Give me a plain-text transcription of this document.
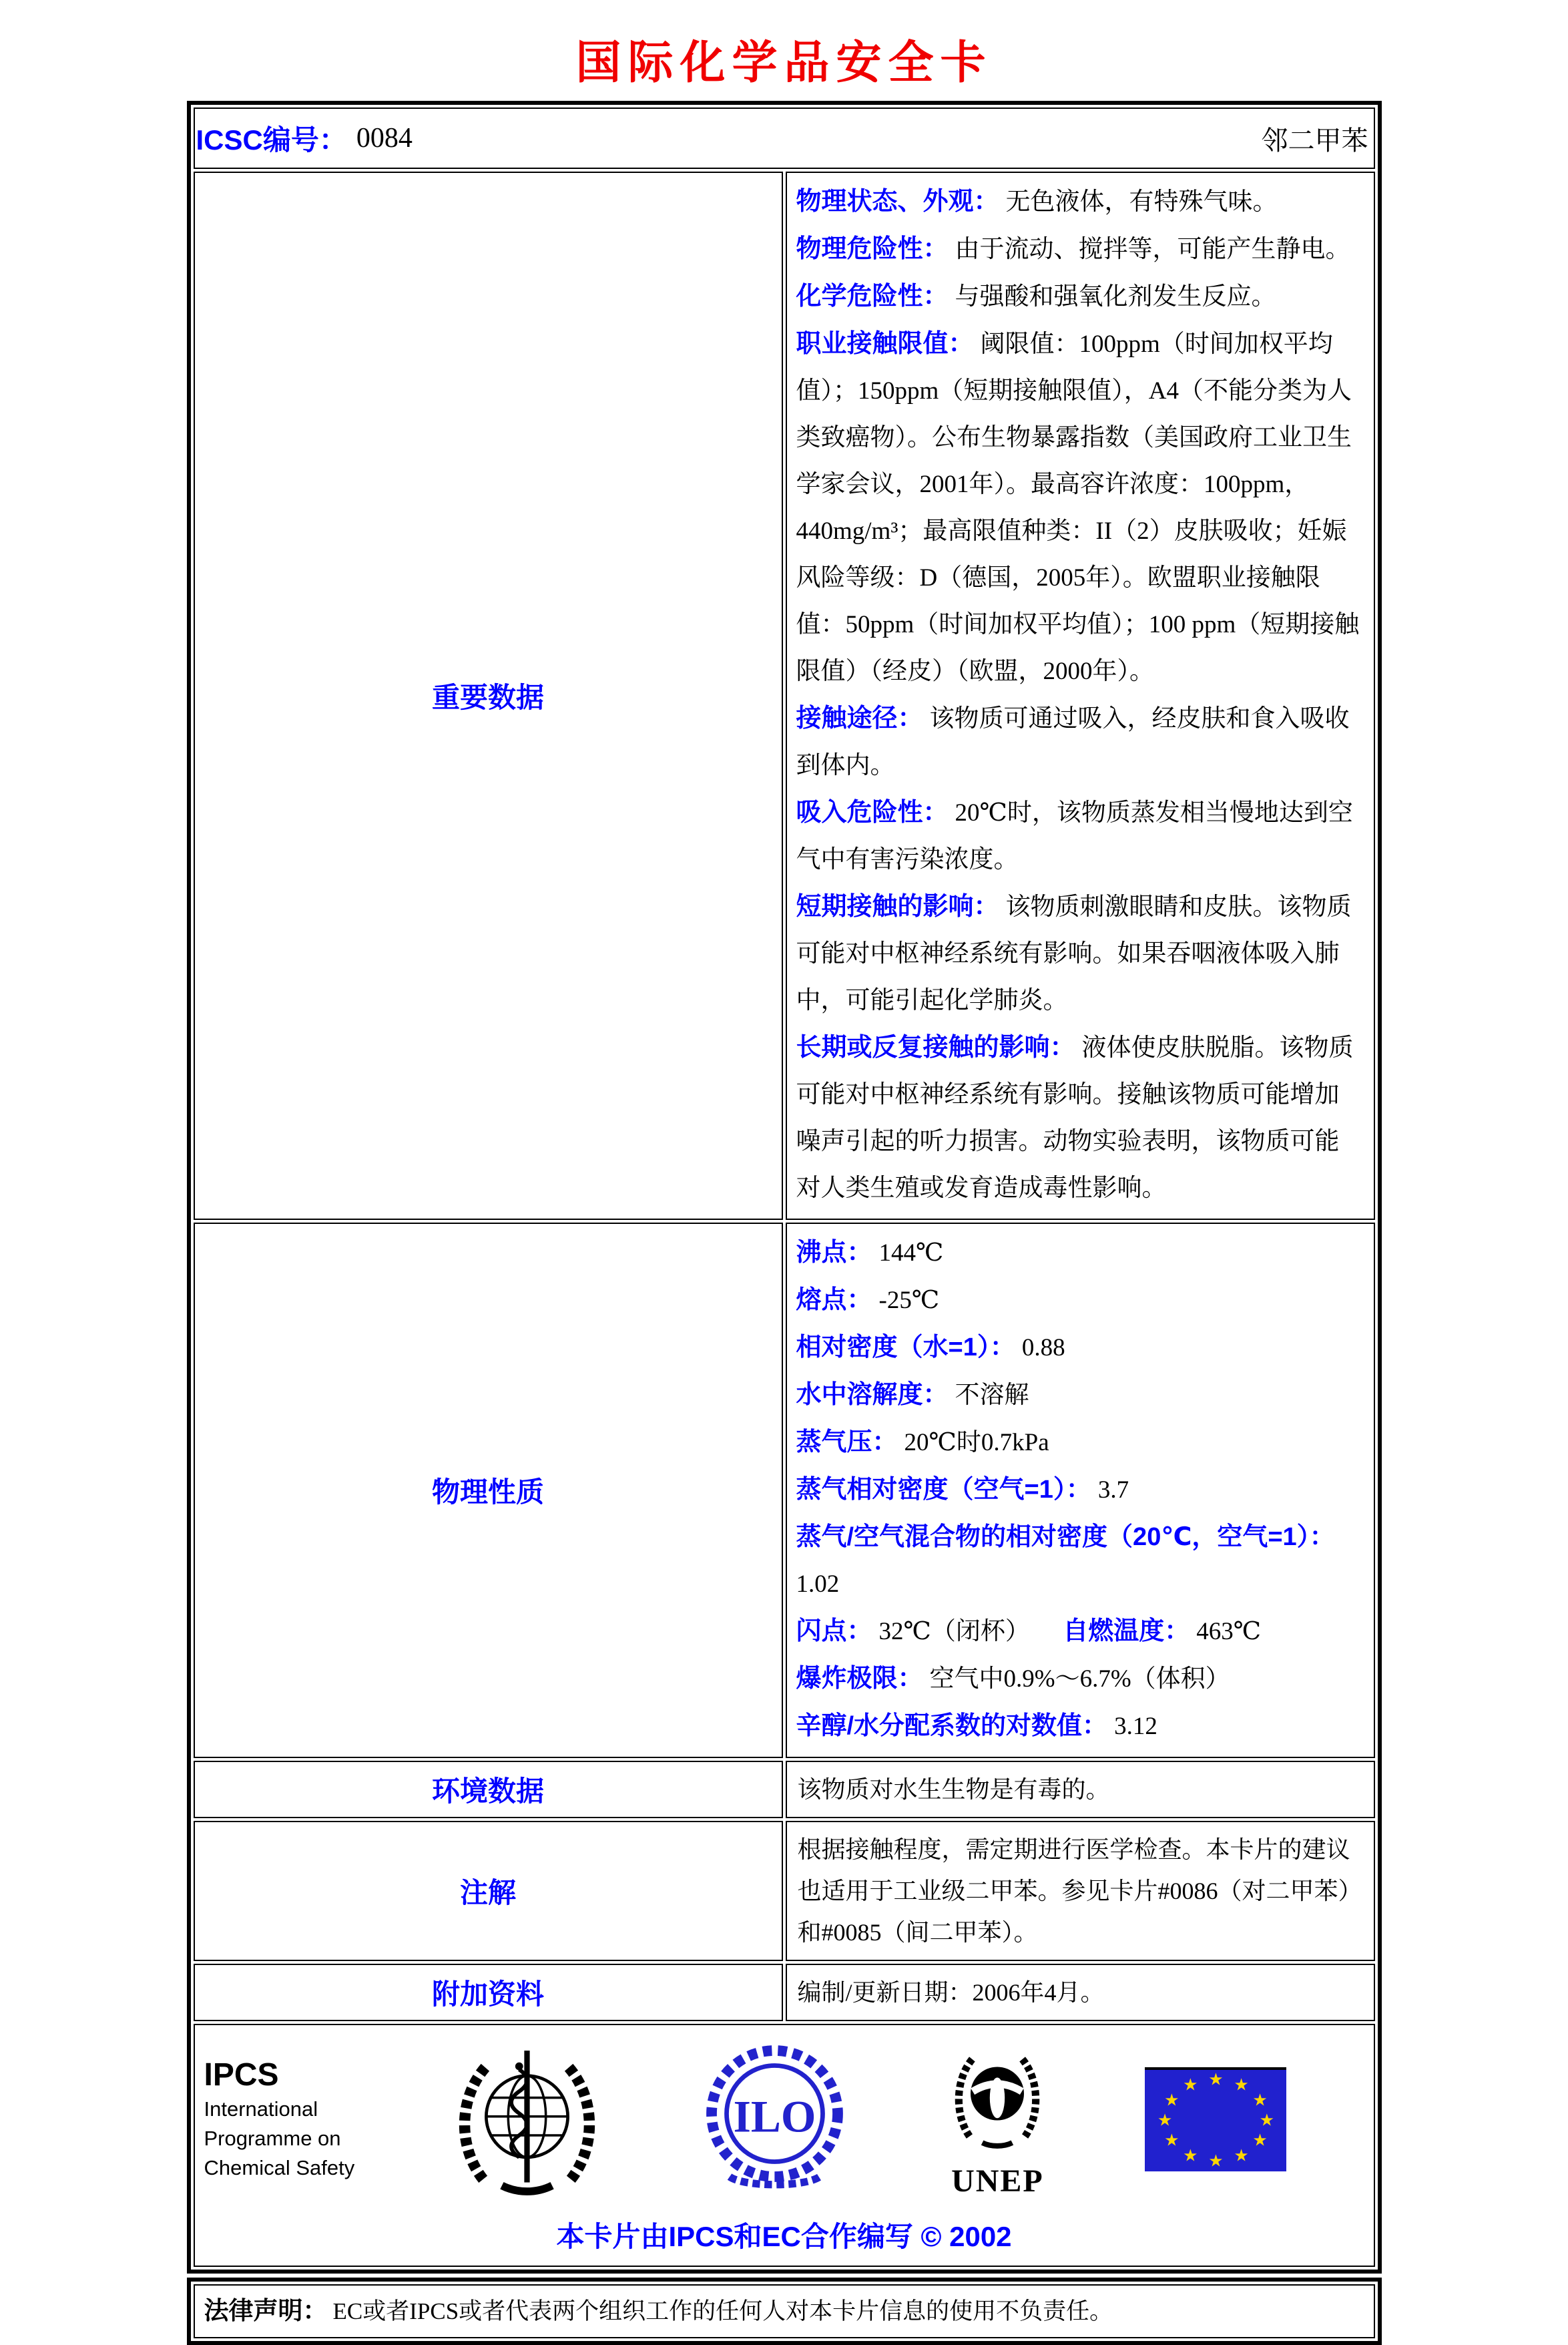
国际化学品安全卡
ICSC编号： 0084 邻二甲苯	

重要数据	
物理状态、外观： 无色液体，有特殊气味。
物理危险性： 由于流动、搅拌等，可能产生静电。
化学危险性： 与强酸和强氧化剂发生反应。
职业接触限值： 阈限值：100ppm（时间加权平均值）；150ppm（短期接触限值），A4（不能分类为人类致癌物）。公布生物暴露指数（美国政府工业卫生学家会议，2001年）。最高容许浓度：100ppm，440mg/m³；最高限值种类：II（2）皮肤吸收；妊娠风险等级：D（德国，2005年）。欧盟职业接触限值：50ppm（时间加权平均值）；100 ppm（短期接触限值）（经皮）（欧盟，2000年）。
接触途径： 该物质可通过吸入，经皮肤和食入吸收到体内。
吸入危险性： 20℃时，该物质蒸发相当慢地达到空气中有害污染浓度。
短期接触的影响： 该物质刺激眼睛和皮肤。该物质可能对中枢神经系统有影响。如果吞咽液体吸入肺中，可能引起化学肺炎。
长期或反复接触的影响： 液体使皮肤脱脂。该物质可能对中枢神经系统有影响。接触该物质可能增加噪声引起的听力损害。动物实验表明，该物质可能对人类生殖或发育造成毒性影响。

物理性质	
沸点： 144℃
熔点： -25℃
相对密度（水=1）： 0.88
水中溶解度： 不溶解
蒸气压： 20℃时0.7kPa
蒸气相对密度（空气=1）： 3.7
蒸气/空气混合物的相对密度（20℃，空气=1）：1.02
闪点： 32℃（闭杯） 自燃温度： 463℃
爆炸极限： 空气中0.9%～6.7%（体积）
辛醇/水分配系数的对数值： 3.12

环境数据	该物质对水生生物是有毒的。
注解	根据接触程度，需定期进行医学检查。本卡片的建议也适用于工业级二甲苯。参见卡片#0086（对二甲苯）和#0085（间二甲苯）。
附加资料	编制/更新日期：2006年4月。

IPCS
International
Programme on
Chemical Safety
ILO
UNEP
★ ★
★
★
★
★
★
★
★
★
★
★
本卡片由IPCS和EC合作编写 © 2002
法律声明： EC或者IPCS或者代表两个组织工作的任何人对本卡片信息的使用不负责任。
